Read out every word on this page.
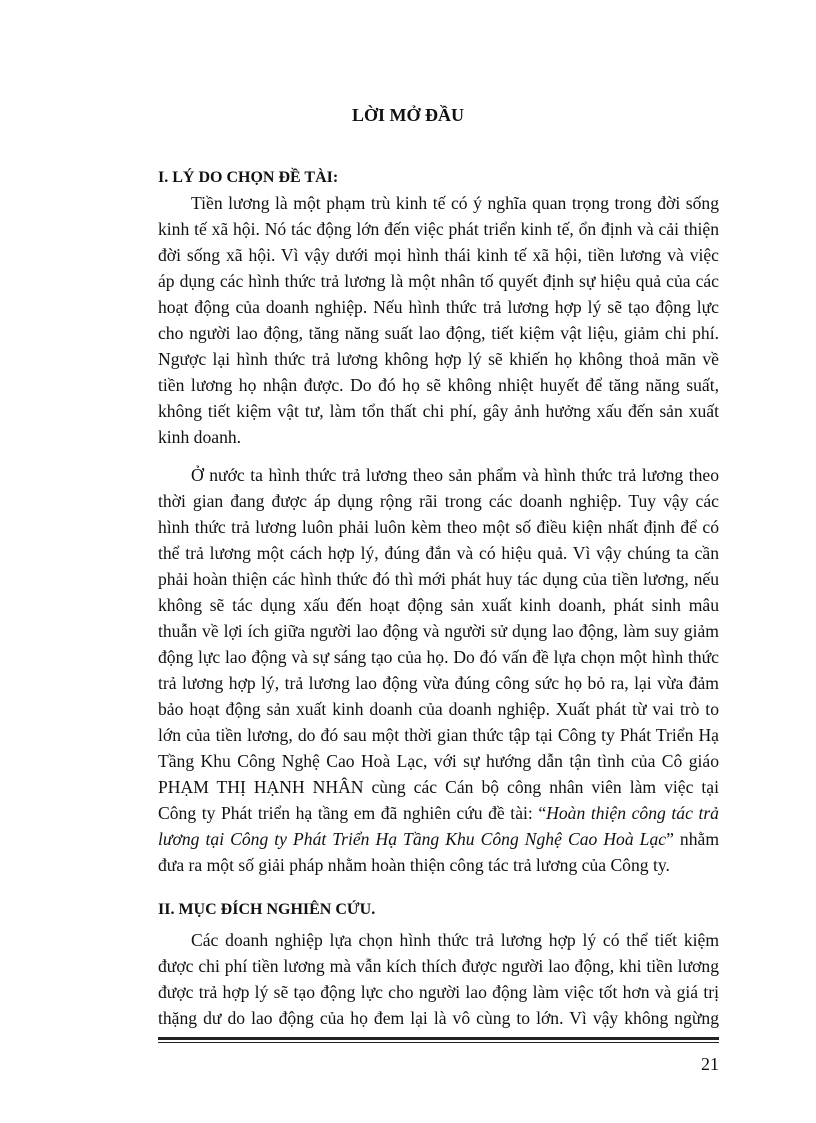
LỜI MỞ ĐẦU
I. LÝ DO CHỌN ĐỀ TÀI:
Tiền lương là một phạm trù kinh tế có ý nghĩa quan trọng trong đời sống
kinh tế xã hội. Nó tác động lớn đến việc phát triển kinh tế, ổn định và cải thiện
đời sống xã hội. Vì vậy dưới mọi hình thái kinh tế xã hội, tiền lương và việc
áp dụng các hình thức trả lương là một nhân tố quyết định sự hiệu quả của các
hoạt động của doanh nghiệp. Nếu hình thức trả lương hợp lý sẽ tạo động lực
cho người lao động, tăng năng suất lao động, tiết kiệm vật liệu, giảm chi phí.
Ngược lại hình thức trả lương không hợp lý sẽ khiến họ không thoả mãn về
tiền lương họ nhận được. Do đó họ sẽ không nhiệt huyết để tăng năng suất,
không tiết kiệm vật tư, làm tổn thất chi phí, gây ảnh hưởng xấu đến sản xuất
kinh doanh.
Ở nước ta hình thức trả lương theo sản phẩm và hình thức trả lương theo
thời gian đang được áp dụng rộng rãi trong các doanh nghiệp. Tuy vậy các
hình thức trả lương luôn phải luôn kèm theo một số điều kiện nhất định để có
thể trả lương một cách hợp lý, đúng đắn và có hiệu quả. Vì vậy chúng ta cần
phải hoàn thiện các hình thức đó thì mới phát huy tác dụng của tiền lương, nếu
không sẽ tác dụng xấu đến hoạt động sản xuất kinh doanh, phát sinh mâu
thuẫn về lợi ích giữa người lao động và người sử dụng lao động, làm suy giảm
động lực lao động và sự sáng tạo của họ. Do đó vấn đề lựa chọn một hình thức
trả lương hợp lý, trả lương lao động vừa đúng công sức họ bỏ ra, lại vừa đảm
bảo hoạt động sản xuất kinh doanh của doanh nghiệp. Xuất phát từ vai trò to
lớn của tiền lương, do đó sau một thời gian thức tập tại Công ty Phát Triển Hạ
Tầng Khu Công Nghệ Cao Hoà Lạc, với sự hướng dẫn tận tình của Cô giáo
PHẠM THỊ HẠNH NHÂN cùng các Cán bộ công nhân viên làm việc tại
Công ty Phát triển hạ tầng em đã nghiên cứu đề tài: “Hoàn thiện công tác trả
lương tại Công ty Phát Triển Hạ Tầng Khu Công Nghệ Cao Hoà Lạc” nhằm
đưa ra một số giải pháp nhằm hoàn thiện công tác trả lương của Công ty.
II. MỤC ĐÍCH NGHIÊN CỨU.
Các doanh nghiệp lựa chọn hình thức trả lương hợp lý có thể tiết kiệm
được chi phí tiền lương mà vẫn kích thích được người lao động, khi tiền lương
được trả hợp lý sẽ tạo động lực cho người lao động làm việc tốt hơn và giá trị
thặng dư do lao động của họ đem lại là vô cùng to lớn. Vì vậy không ngừng
21
